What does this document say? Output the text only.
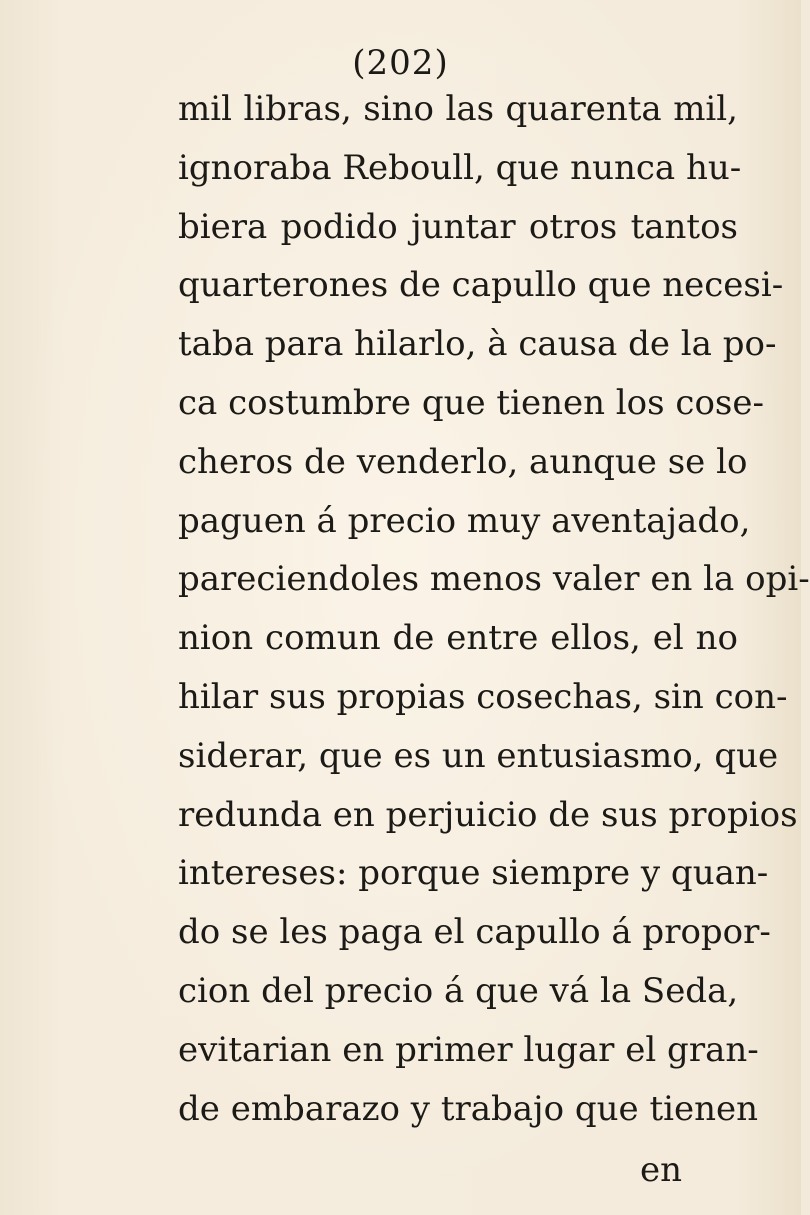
(202)
mil libras, sino las quarenta mil,
ignoraba Reboull, que nunca hu-
biera podido juntar otros tantos
quarterones de capullo que necesi-
taba para hilarlo, à causa de la po-
ca costumbre que tienen los cose-
cheros de venderlo, aunque se lo
paguen á precio muy aventajado,
pareciendoles menos valer en la opi-
nion comun de entre ellos, el no
hilar sus propias cosechas, sin con-
siderar, que es un entusiasmo, que
redunda en perjuicio de sus propios
intereses: porque siempre y quan-
do se les paga el capullo á propor-
cion del precio á que vá la Seda,
evitarian en primer lugar el gran-
de embarazo y trabajo que tienen
en
